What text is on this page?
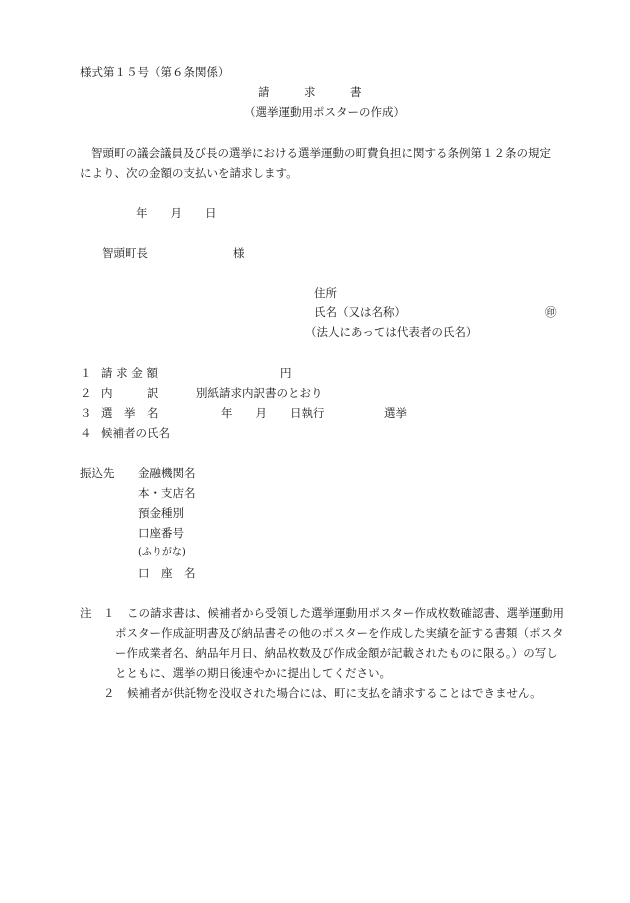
様式第１５号（第６条関係）
請　　　求　　　書
（選挙運動用ポスターの作成）
智頭町の議会議員及び長の選挙における選挙運動の町費負担に関する条例第１２条の規定
により、次の金額の支払いを請求します。
年　　月　　日
智頭町長	様
住所
氏名（又は名称）	㊞
（法人にあっては代表者の氏名）
１ 請 求 金 額	円
２ 内　　　訳	別紙請求内訳書のとおり
３ 選　挙　名	年　　月　　日執行	選挙
４ 候補者の氏名
振込先 金融機関名
本・支店名
預金種別
口座番号
(ふりがな)
口　座　名
注 １ この請求書は、候補者から受領した選挙運動用ポスター作成枚数確認書、選挙運動用
ポスター作成証明書及び納品書その他のポスターを作成した実績を証する書類（ポスタ
ー作成業者名、納品年月日、納品枚数及び作成金額が記載されたものに限る。）の写し
とともに、選挙の期日後速やかに提出してください。
２ 候補者が供託物を没収された場合には、町に支払を請求することはできません。
